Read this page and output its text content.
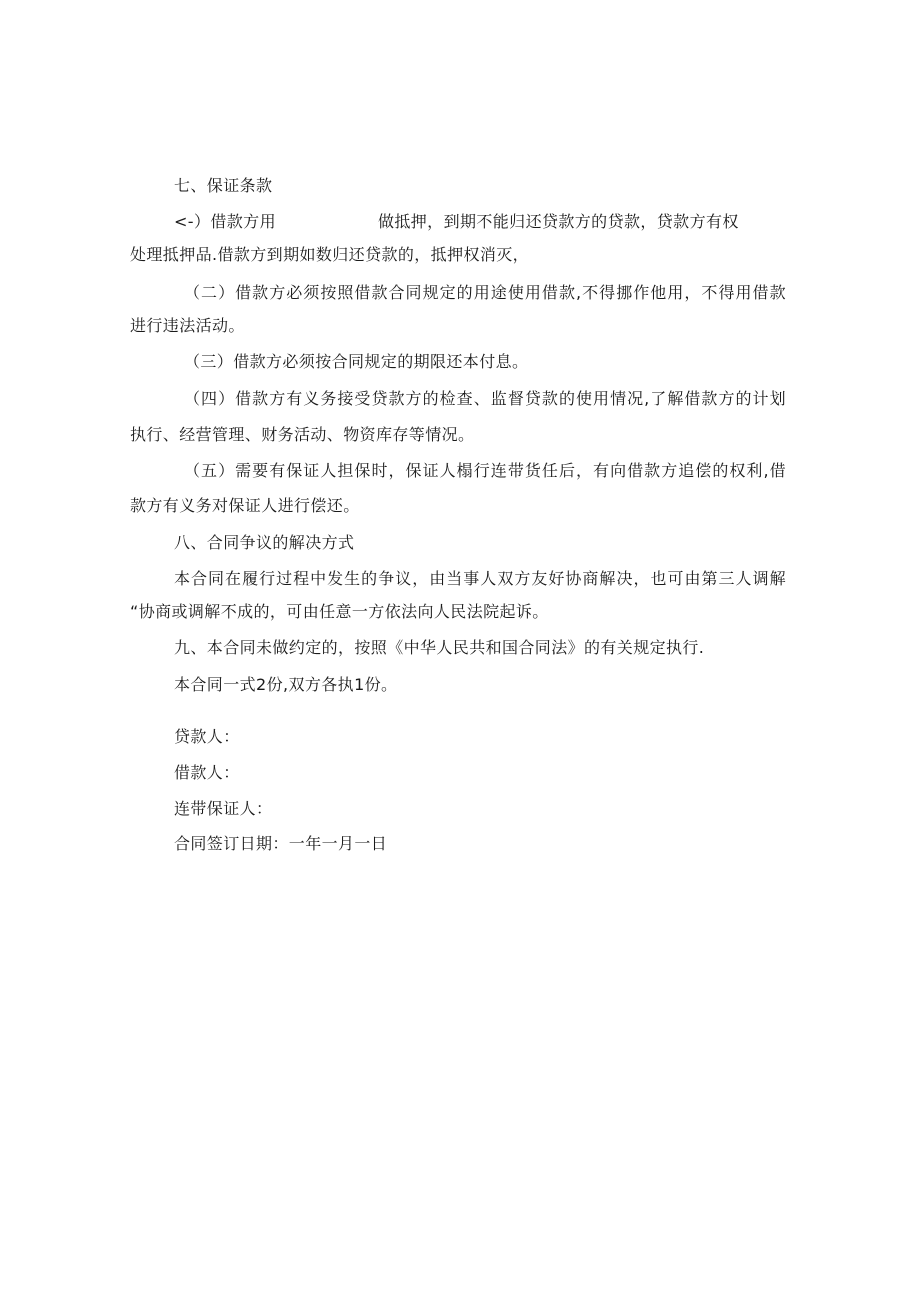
七、保证条款
<-）借款方用	做抵押，到期不能归还贷款方的贷款，贷款方有权
处理抵押品.借款方到期如数归还贷款的，抵押权消灭，
（二）借款方必须按照借款合同规定的用途使用借款,不得挪作他用，不得用借款
进行违法活动。
（三）借款方必须按合同规定的期限还本付息。
（四）借款方有义务接受贷款方的检查、监督贷款的使用情况,了解借款方的计划
执行、经营管理、财务活动、物资库存等情况。
（五）需要有保证人担保时，保证人榻行连带货任后，有向借款方追偿的权利,借
款方有义务对保证人进行偿还。
八、合同争议的解决方式
本合同在履行过程中发生的争议，由当事人双方友好协商解决，也可由第三人调解
“协商或调解不成的，可由任意一方依法向人民法院起诉。
九、本合同未做约定的，按照《中华人民共和国合同法》的有关规定执行.
本合同一式2份,双方各执1份。
贷款人：
借款人：
连带保证人：
合同签订日期：一年一月一日
